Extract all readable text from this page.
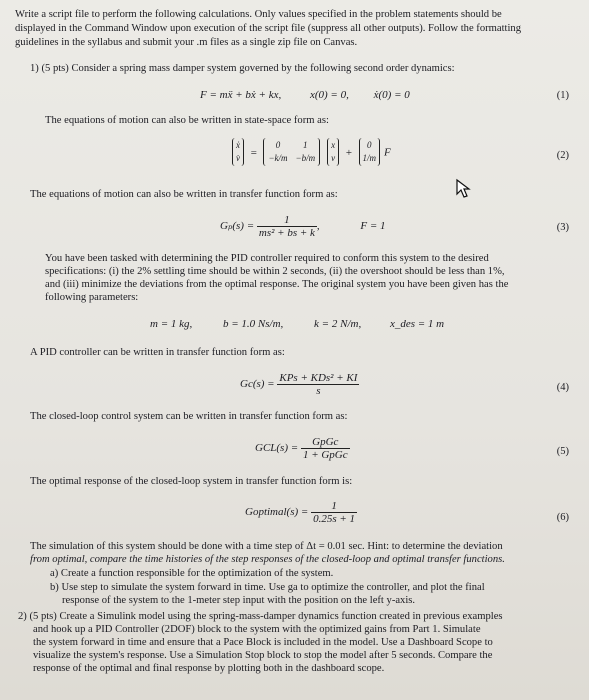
Write a script file to perform the following calculations. Only values specified in the problem statements should be
displayed in the Command Window upon execution of the script file (suppress all other outputs). Follow the formatting
guidelines in the syllabus and submit your .m files as a single zip file on Canvas.
1) (5 pts) Consider a spring mass damper system governed by the following second order dynamics:
F = mẍ + bẋ + kx,	x(0) = 0, ẋ(0) = 0	(1)
The equations of motion can also be written in state-space form as:
ẋ
v̇ =
0	1
−k/m −b/m

x
v +
0
1/m F	(2)
The equations of motion can also be written in transfer function form as:
$G_p(s) = \frac{1}{\text{ms² + bs + k}}$ ,	F = 1	(3)
You have been tasked with determining the PID controller required to conform this system to the desired
specifications: (i) the 2% settling time should be within 2 seconds, (ii) the overshoot should be less than 1%,
and (iii) minimize the deviations from the optimal response. The original system you have been given has the
following parameters:
m = 1 kg,	b = 1.0 Ns/m,	k = 2 N/m,	x_des = 1 m
A PID controller can be written in transfer function form as:
$Gc(s) = \frac{\text{KPs + KDs² + KI}}{s}$	(4)
The closed-loop control system can be written in transfer function form as:
$GCL(s) = \frac{\text{GpGc}}{\text{1 + GpGc}}$	(5)
The optimal response of the closed-loop system in transfer function form is:
Goptimal(s) = $\frac{1}{0.25s + 1}$	(6)
The simulation of this system should be done with a time step of Δt = 0.01 sec. Hint: to determine the deviation
from optimal, compare the time histories of the step responses of the closed-loop and optimal transfer functions.
a) Create a function responsible for the optimization of the system.
b) Use step to simulate the system forward in time. Use ga to optimize the controller, and plot the final
response of the system to the 1-meter step input with the position on the left y-axis.
2) (5 pts) Create a Simulink model using the spring-mass-damper dynamics function created in previous examples
and hook up a PID Controller (2DOF) block to the system with the optimized gains from Part 1. Simulate
the system forward in time and ensure that a Pace Block is included in the model. Use a Dashboard Scope to
visualize the system's response. Use a Simulation Stop block to stop the model after 5 seconds. Compare the
response of the optimal and final response by plotting both in the dashboard scope.
